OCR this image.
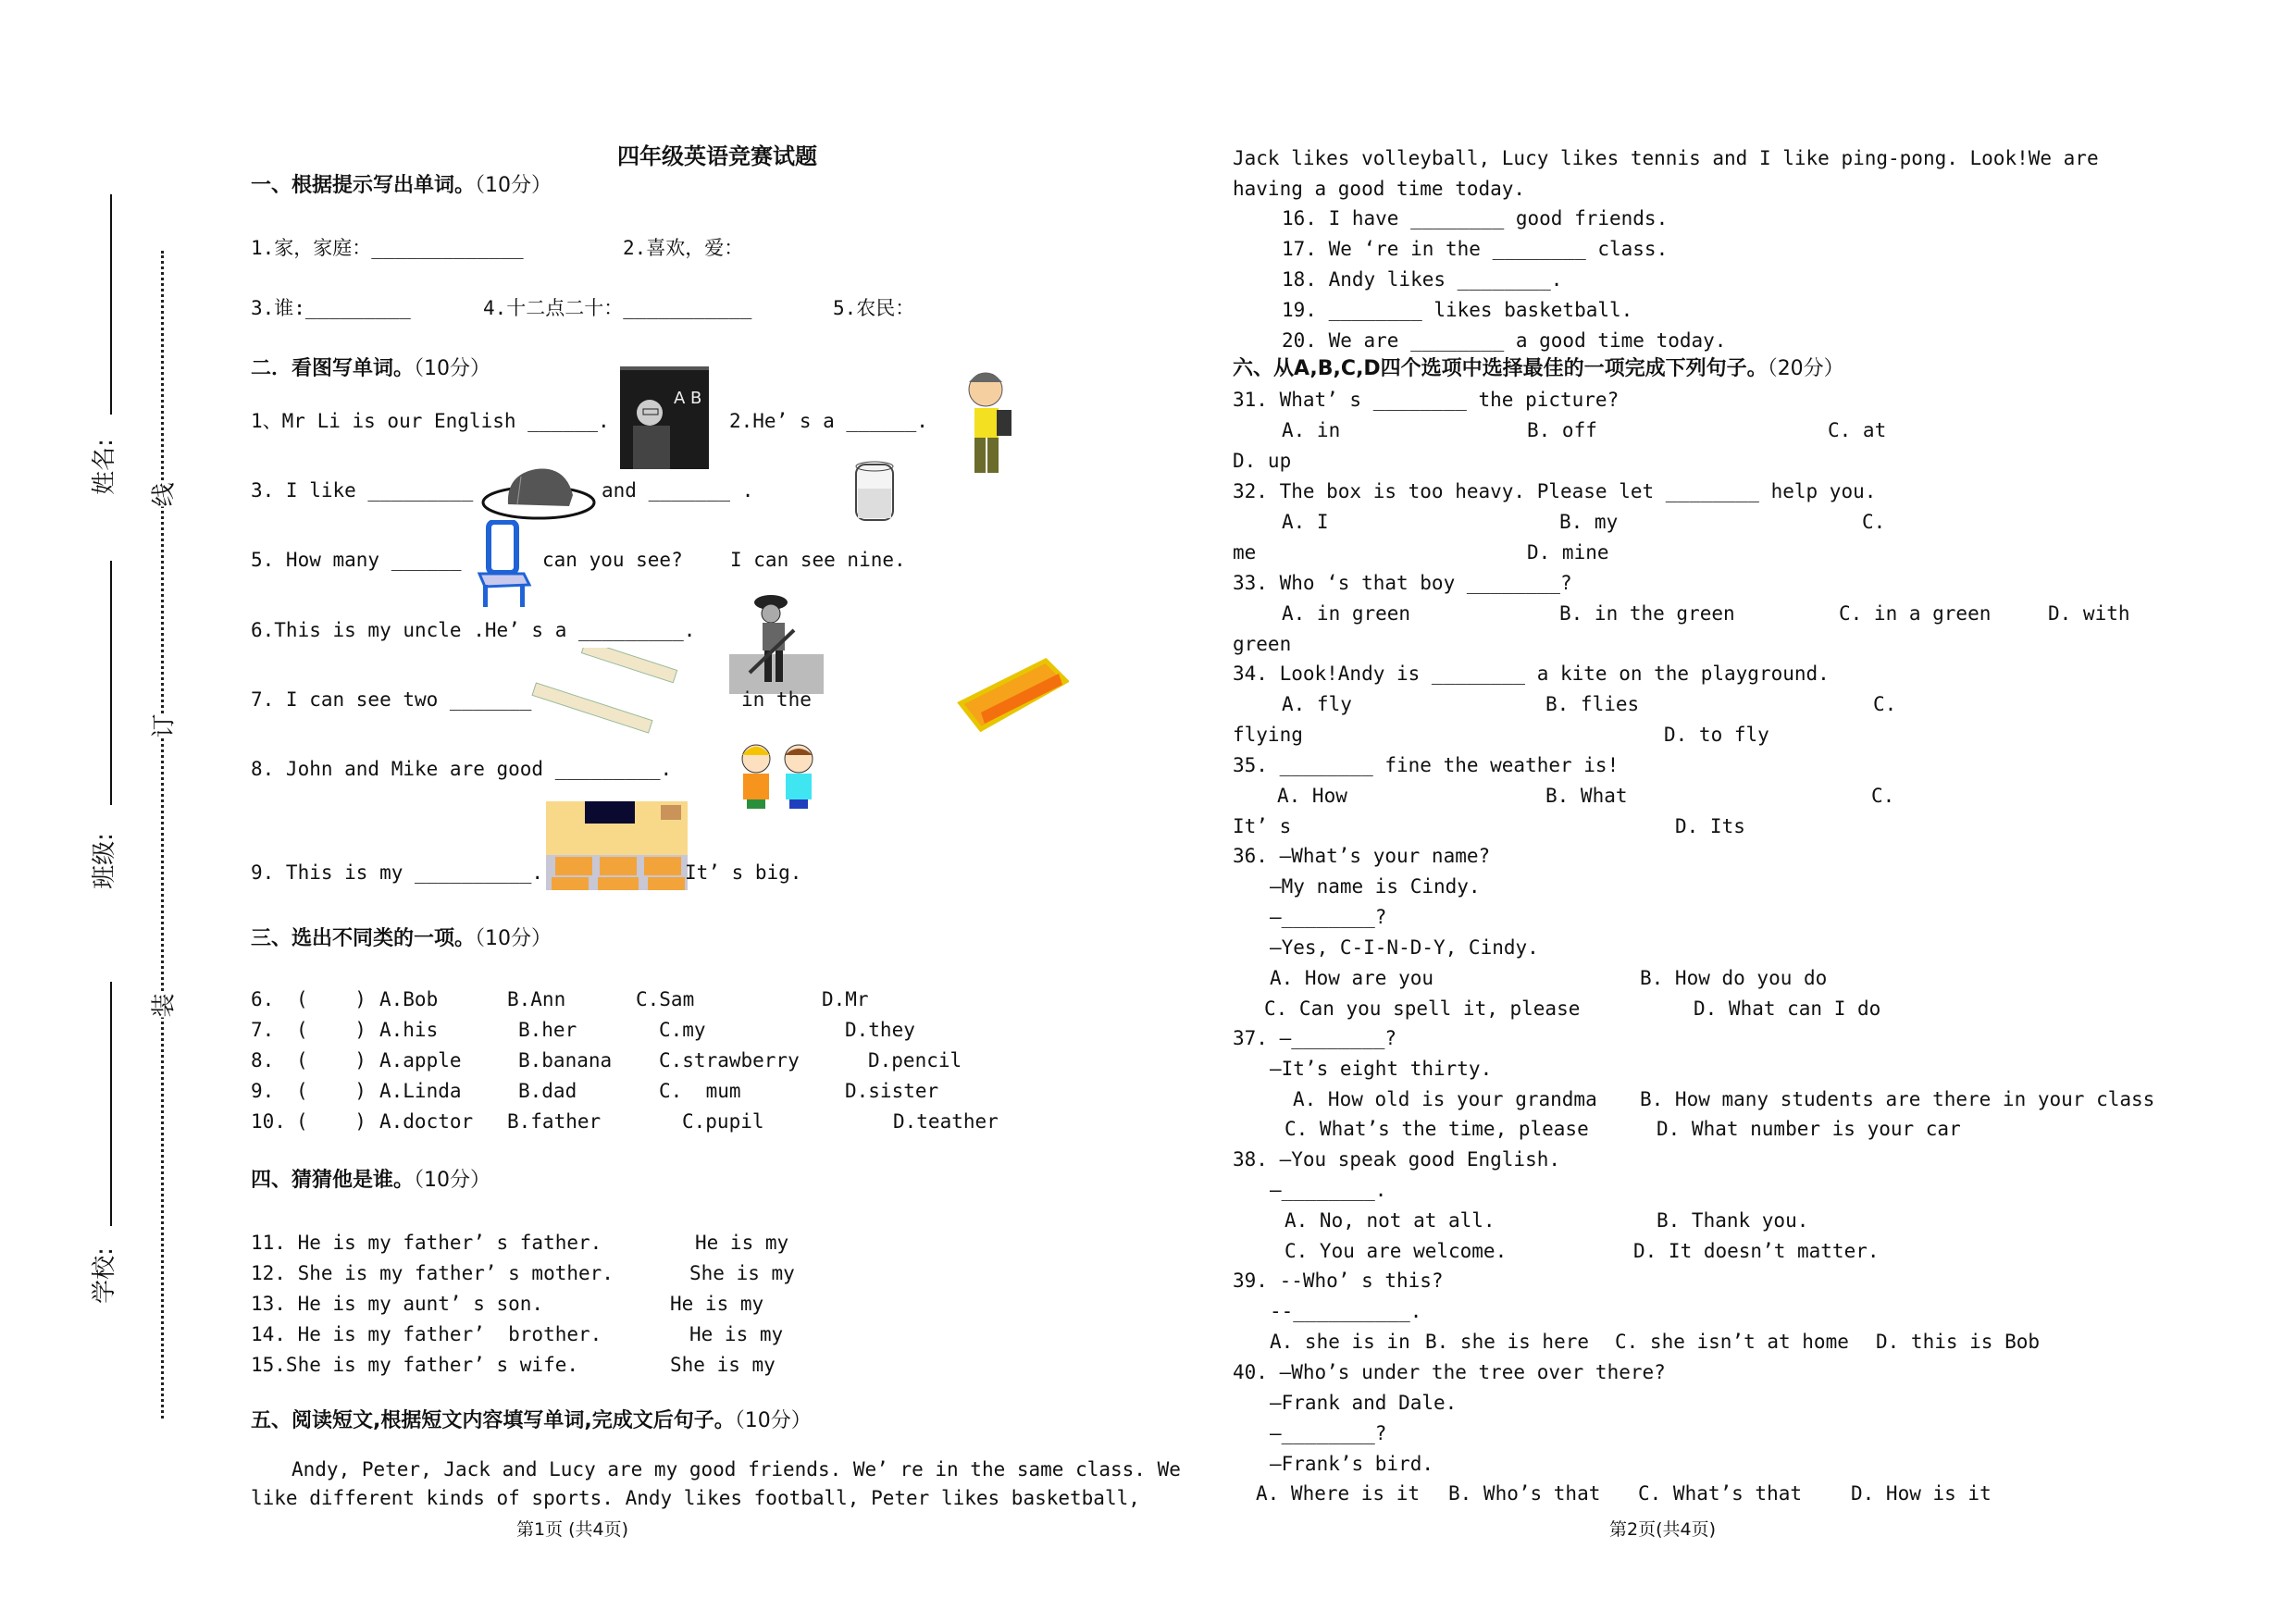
姓名:
班级:
学校:
线
订
装
A B
四年级英语竞赛试题
一、根据提示写出单词。（10分）
二．看图写单词。（10分）
三、选出不同类的一项。（10分）
四、猜猜他是谁。（10分）
五、阅读短文,根据短文内容填写单词,完成文后句子。（10分）
1.家，家庭：_____________	2.喜欢，爱：
3.谁:_________	4.十二点二十：___________	5.农民：
1、Mr Li is our English ______.	2.He’ s a ______.
3. I like _________	and _______ .
5. How many ______	can you see? I can see nine.
6.This is my uncle .He’ s a _________.
7. I can see two _______	in the
8. John and Mike are good _________.
9. This is my __________.	It’ s big.
6. (    ) A.Bob	B.Ann	C.Sam	D.Mr
7. (    ) A.his	B.her	C.my	D.they
8. (    ) A.apple	B.banana C.strawberry	D.pencil
9. (    ) A.Linda	B.dad	C.  mum	D.sister
10. (    ) A.doctor B.father	C.pupil	D.teather
11. He is my father’ s father.	He is my
12. She is my father’ s mother.	She is my
13. He is my aunt’ s son.	He is my
14. He is my father’  brother.	He is my
15.She is my father’ s wife.	She is my
Andy, Peter, Jack and Lucy are my good friends. We’ re in the same class. We
like different kinds of sports. Andy likes football, Peter likes basketball,
第1页 (共4页)
Jack likes volleyball, Lucy likes tennis and I like ping-pong. Look!We are
having a good time today.
16. I have ________ good friends.
17. We ‘re in the ________ class.
18. Andy likes ________.
19. ________ likes basketball.
20. We are ________ a good time today.
六、从A,B,C,D四个选项中选择最佳的一项完成下列句子。（20分）
31. What’ s ________ the picture?
A. in	B. off	C. at
D. up
32. The box is too heavy. Please let ________ help you.
A. I	B. my	C.
me	D. mine
33. Who ‘s that boy ________?
A. in green	B. in the green	C. in a green	D. with
green
34. Look!Andy is ________ a kite on the playground.
A. fly	B. flies	C.
flying	D. to fly
35. ________ fine the weather is!
A. How	B. What	C.
It’ s	D. Its
36. —What’s your name?
—My name is Cindy.
—________?
—Yes, C-I-N-D-Y, Cindy.
A. How are you	B. How do you do
C. Can you spell it, please	D. What can I do
37. —________?
—It’s eight thirty.
A. How old is your grandma B. How many students are there in your class
C. What’s the time, please	D. What number is your car
38. —You speak good English.
—________.
A. No, not at all.	B. Thank you.
C. You are welcome.	D. It doesn’t matter.
39. --Who’ s this?
--__________.
A. she is in B. she is here C. she isn’t at home D. this is Bob
40. —Who’s under the tree over there?
—Frank and Dale.
—________?
—Frank’s bird.
A. Where is it B. Who’s that C. What’s that	D. How is it
第2页(共4页)
